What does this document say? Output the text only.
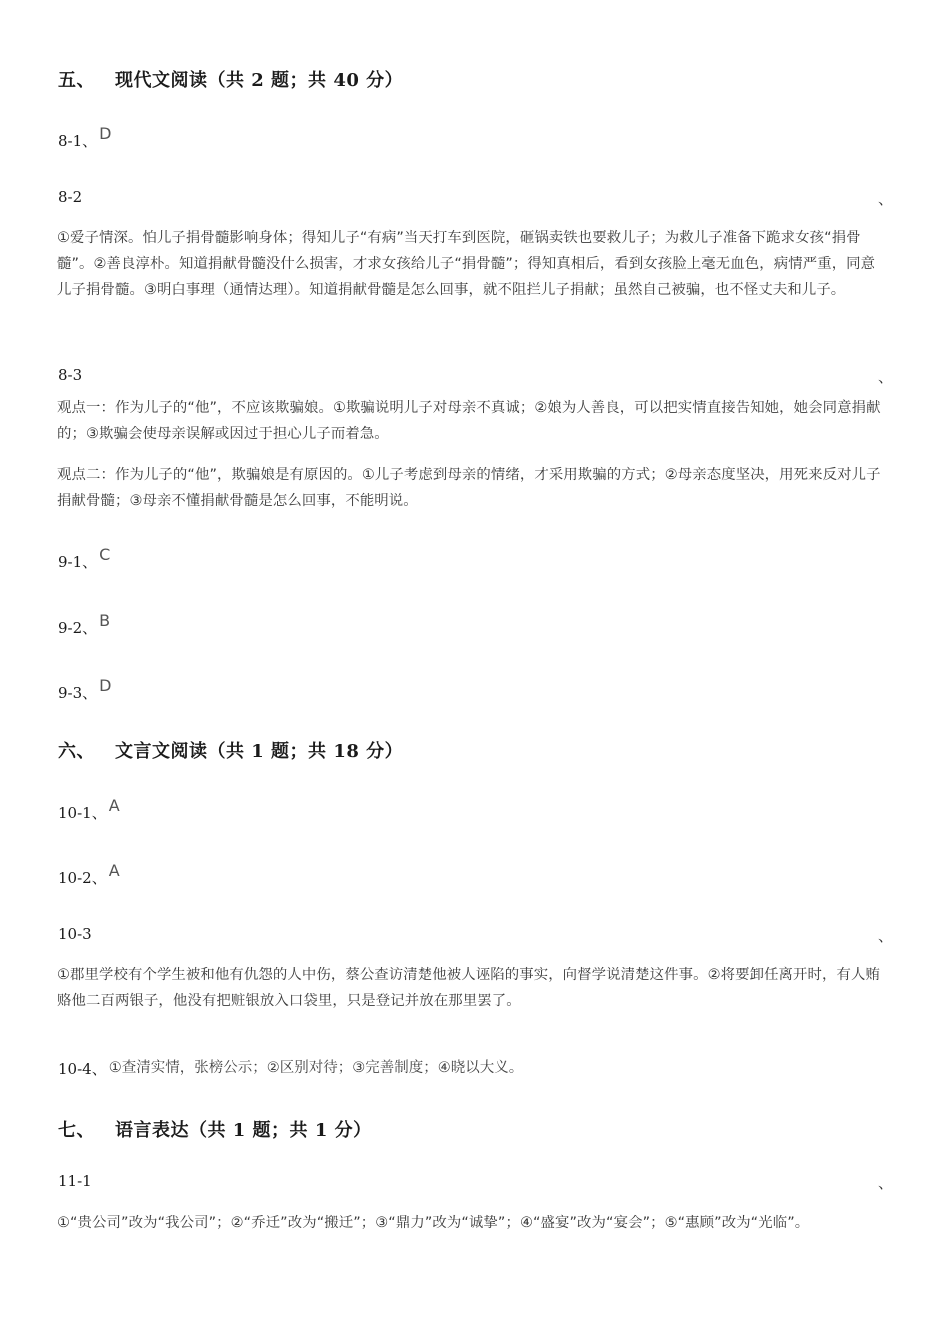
五、 现代文阅读（共 2 题；共 40 分）
8-1、 D
8-2	、
①爱子情深。怕儿子捐骨髓影响身体；得知儿子“有病”当天打车到医院，砸锅卖铁也要救儿子；为救儿子准备下跪求女孩“捐骨髓”。②善良淳朴。知道捐献骨髓没什么损害，才求女孩给儿子“捐骨髓”；得知真相后，看到女孩脸上毫无血色，病情严重，同意儿子捐骨髓。③明白事理（通情达理）。知道捐献骨髓是怎么回事，就不阻拦儿子捐献；虽然自己被骗，也不怪丈夫和儿子。
8-3	、
观点一：作为儿子的“他”，不应该欺骗娘。①欺骗说明儿子对母亲不真诚；②娘为人善良，可以把实情直接告知她，她会同意捐献的；③欺骗会使母亲误解或因过于担心儿子而着急。
观点二：作为儿子的“他”，欺骗娘是有原因的。①儿子考虑到母亲的情绪，才采用欺骗的方式；②母亲态度坚决，用死来反对儿子捐献骨髓；③母亲不懂捐献骨髓是怎么回事，不能明说。
9-1、 C
9-2、 B
9-3、 D
六、 文言文阅读（共 1 题；共 18 分）
10-1、 A
10-2、 A
10-3	、
①郡里学校有个学生被和他有仇怨的人中伤，蔡公查访清楚他被人诬陷的事实，向督学说清楚这件事。②将要卸任离开时，有人贿赂他二百两银子，他没有把赃银放入口袋里，只是登记并放在那里罢了。
10-4、 ①查清实情，张榜公示；②区别对待；③完善制度；④晓以大义。
七、 语言表达（共 1 题；共 1 分）
11-1	、
①“贵公司”改为“我公司”；②“乔迁”改为“搬迁”；③“鼎力”改为“诚挚”；④“盛宴”改为“宴会”；⑤“惠顾”改为“光临”。
